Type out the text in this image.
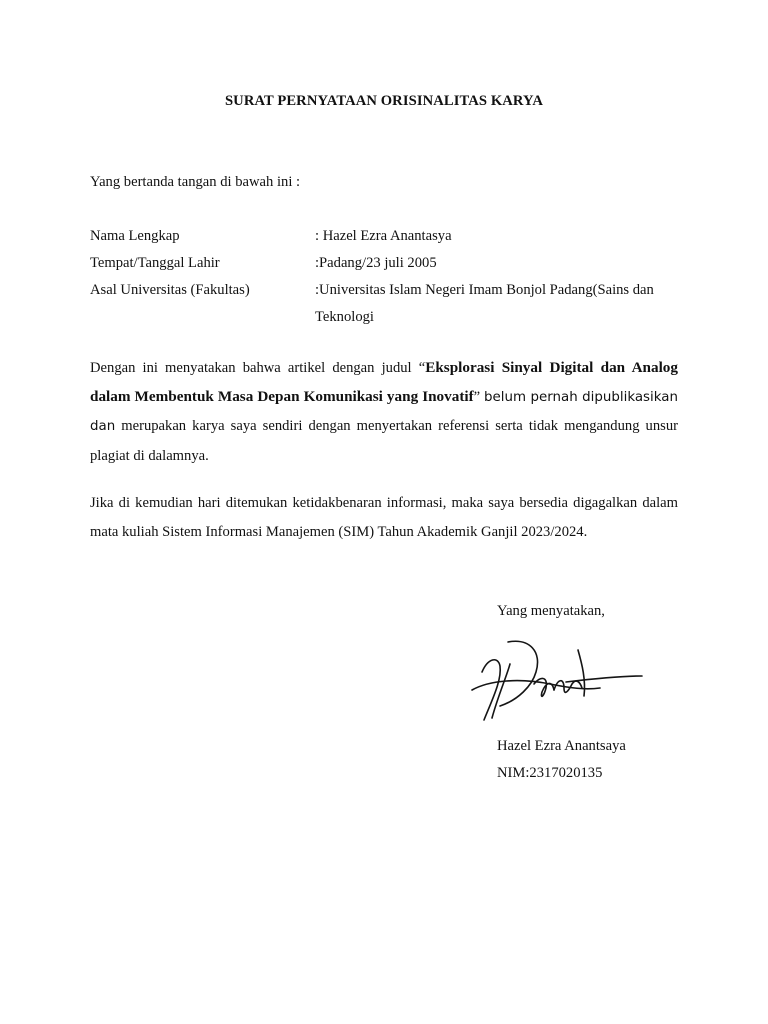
SURAT PERNYATAAN ORISINALITAS KARYA
Yang bertanda tangan di bawah ini :
Nama Lengkap	: Hazel Ezra Anantasya
Tempat/Tanggal Lahir	:Padang/23 juli 2005
Asal Universitas (Fakultas)	:Universitas Islam Negeri Imam Bonjol Padang(Sains dan
Teknologi
Dengan ini menyatakan bahwa artikel dengan judul “Eksplorasi Sinyal Digital dan Analog dalam Membentuk Masa Depan Komunikasi yang Inovatif” belum pernah dipublikasikan dan merupakan karya saya sendiri dengan menyertakan referensi serta tidak mengandung unsur plagiat di dalamnya.
Jika di kemudian hari ditemukan ketidakbenaran informasi, maka saya bersedia digagalkan dalam mata kuliah Sistem Informasi Manajemen (SIM) Tahun Akademik Ganjil 2023/2024.
Yang menyatakan,
Hazel Ezra Anantsaya
NIM:2317020135
